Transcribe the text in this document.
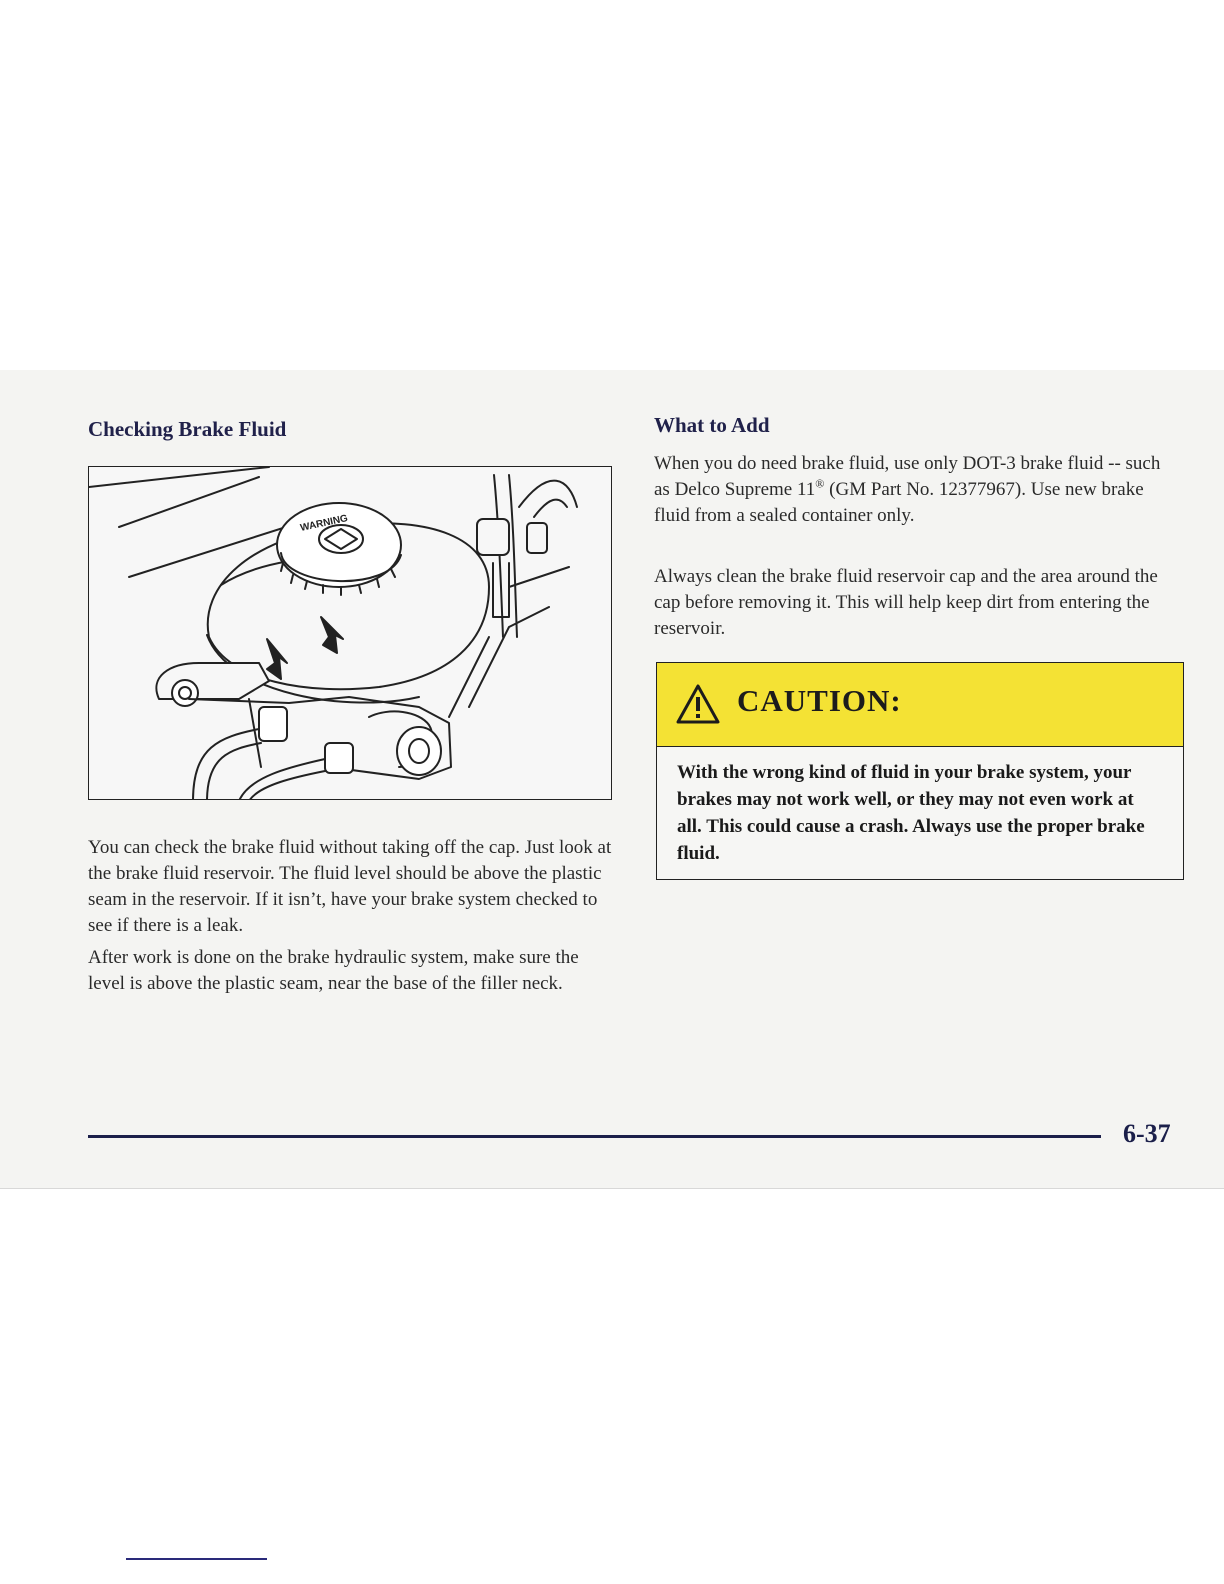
Checking Brake Fluid
WARNING

You can check the brake fluid without taking off the cap. Just look at the brake fluid reservoir. The fluid level should be above the plastic seam in the reservoir. If it isn’t, have your brake system checked to see if there is a leak.

After work is done on the brake hydraulic system, make sure the level is above the plastic seam, near the base of the filler neck.

What to Add

When you do need brake fluid, use only DOT-3 brake fluid -- such as Delco Supreme 11® (GM Part No. 12377967). Use new brake fluid from a sealed container only.

Always clean the brake fluid reservoir cap and the area around the cap before removing it. This will help keep dirt from entering the reservoir.

CAUTION:

With the wrong kind of fluid in your brake system, your brakes may not work well, or they may not even work at all. This could cause a crash. Always use the proper brake fluid.

6-37
